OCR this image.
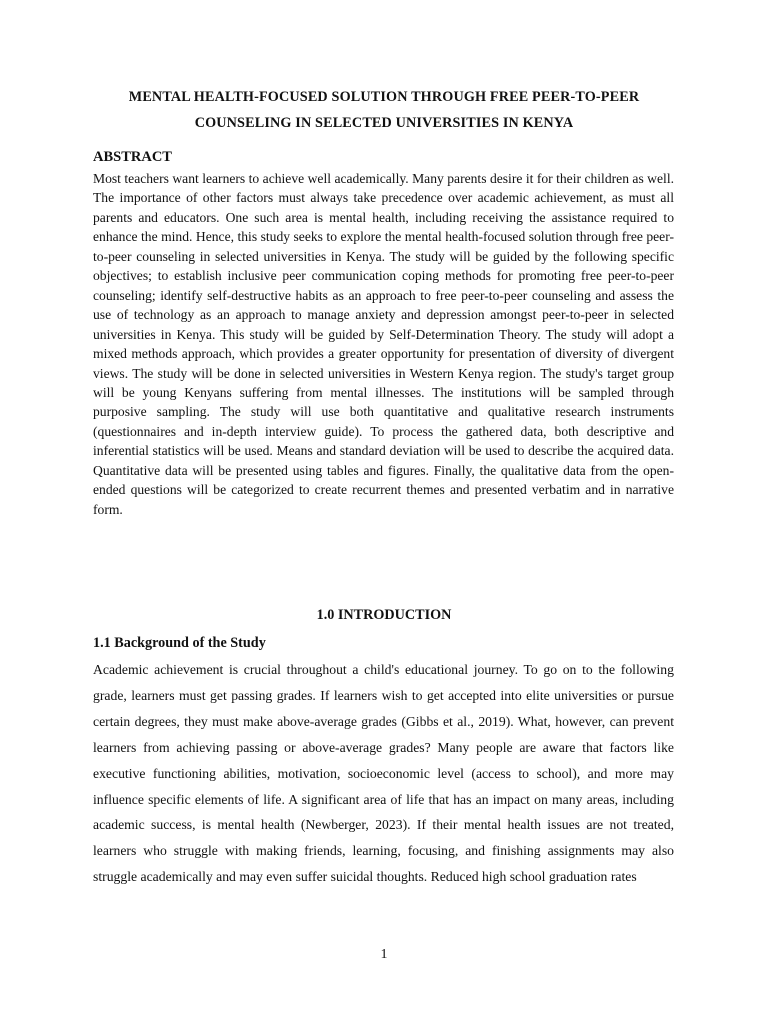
MENTAL HEALTH-FOCUSED SOLUTION THROUGH FREE PEER-TO-PEER COUNSELING IN SELECTED UNIVERSITIES IN KENYA
ABSTRACT
Most teachers want learners to achieve well academically. Many parents desire it for their children as well. The importance of other factors must always take precedence over academic achievement, as must all parents and educators. One such area is mental health, including receiving the assistance required to enhance the mind. Hence, this study seeks to explore the mental health-focused solution through free peer-to-peer counseling in selected universities in Kenya. The study will be guided by the following specific objectives; to establish inclusive peer communication coping methods for promoting free peer-to-peer counseling; identify self-destructive habits as an approach to free peer-to-peer counseling and assess the use of technology as an approach to manage anxiety and depression amongst peer-to-peer in selected universities in Kenya. This study will be guided by Self-Determination Theory. The study will adopt a mixed methods approach, which provides a greater opportunity for presentation of diversity of divergent views. The study will be done in selected universities in Western Kenya region. The study's target group will be young Kenyans suffering from mental illnesses. The institutions will be sampled through purposive sampling. The study will use both quantitative and qualitative research instruments (questionnaires and in-depth interview guide). To process the gathered data, both descriptive and inferential statistics will be used. Means and standard deviation will be used to describe the acquired data. Quantitative data will be presented using tables and figures. Finally, the qualitative data from the open-ended questions will be categorized to create recurrent themes and presented verbatim and in narrative form.
1.0 INTRODUCTION
1.1 Background of the Study
Academic achievement is crucial throughout a child's educational journey. To go on to the following grade, learners must get passing grades. If learners wish to get accepted into elite universities or pursue certain degrees, they must make above-average grades (Gibbs et al., 2019). What, however, can prevent learners from achieving passing or above-average grades? Many people are aware that factors like executive functioning abilities, motivation, socioeconomic level (access to school), and more may influence specific elements of life. A significant area of life that has an impact on many areas, including academic success, is mental health (Newberger, 2023). If their mental health issues are not treated, learners who struggle with making friends, learning, focusing, and finishing assignments may also struggle academically and may even suffer suicidal thoughts. Reduced high school graduation rates
1
